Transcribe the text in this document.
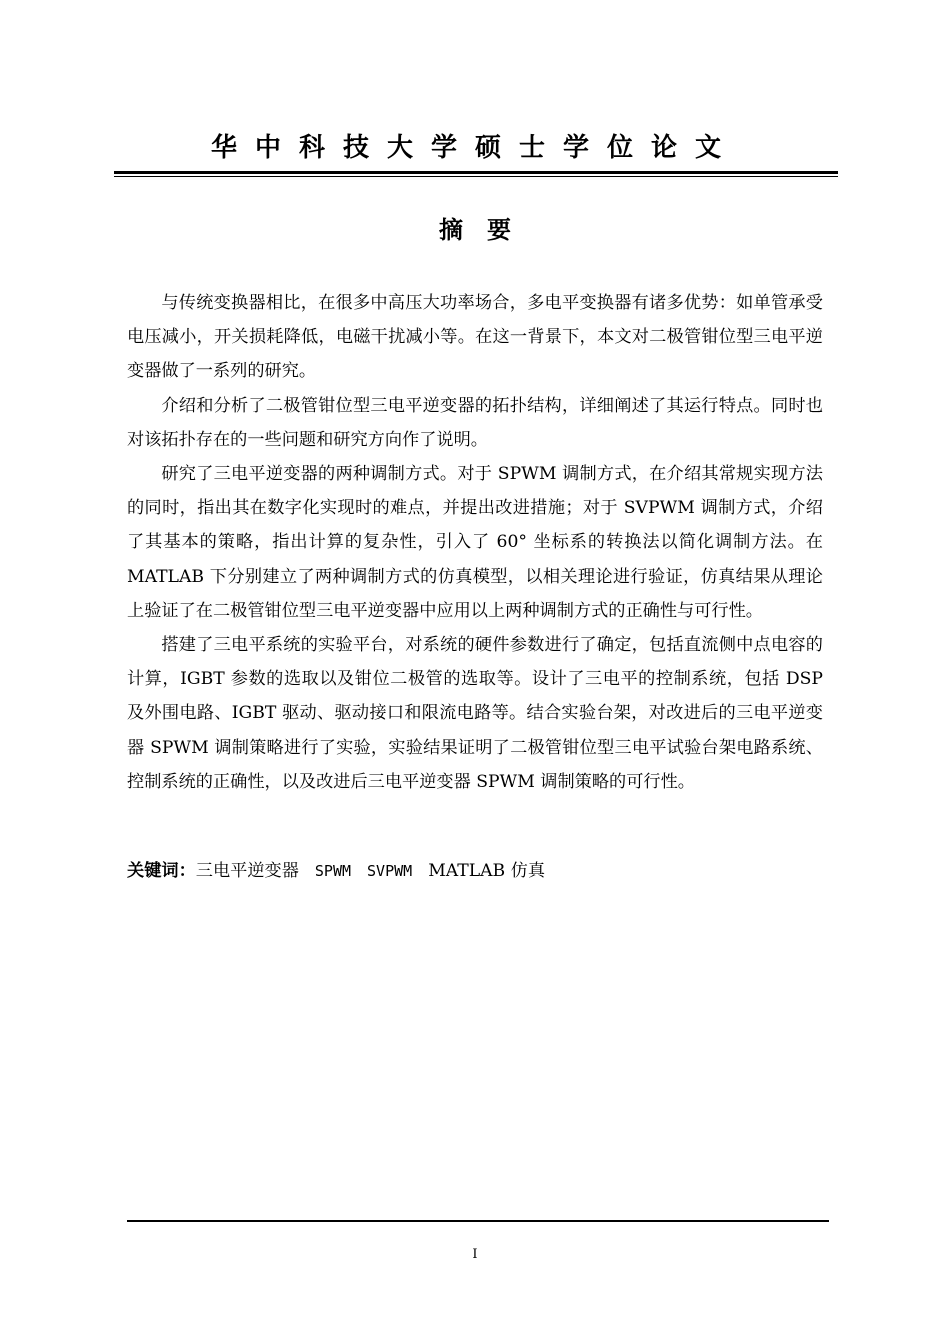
华中科技大学硕士学位论文
摘要

与传统变换器相比，在很多中高压大功率场合，多电平变换器有诸多优势：如单管承受电压减小，开关损耗降低，电磁干扰减小等。在这一背景下，本文对二极管钳位型三电平逆变器做了一系列的研究。

介绍和分析了二极管钳位型三电平逆变器的拓扑结构，详细阐述了其运行特点。同时也对该拓扑存在的一些问题和研究方向作了说明。

研究了三电平逆变器的两种调制方式。对于 SPWM 调制方式，在介绍其常规实现方法的同时，指出其在数字化实现时的难点，并提出改进措施；对于 SVPWM 调制方式，介绍了其基本的策略，指出计算的复杂性，引入了 60° 坐标系的转换法以简化调制方法。在 MATLAB 下分别建立了两种调制方式的仿真模型，以相关理论进行验证，仿真结果从理论上验证了在二极管钳位型三电平逆变器中应用以上两种调制方式的正确性与可行性。

搭建了三电平系统的实验平台，对系统的硬件参数进行了确定，包括直流侧中点电容的计算，IGBT 参数的选取以及钳位二极管的选取等。设计了三电平的控制系统，包括 DSP 及外围电路、IGBT 驱动、驱动接口和限流电路等。结合实验台架，对改进后的三电平逆变器 SPWM 调制策略进行了实验，实验结果证明了二极管钳位型三电平试验台架电路系统、控制系统的正确性，以及改进后三电平逆变器 SPWM 调制策略的可行性。

关键词：三电平逆变器 SPWM SVPWM MATLAB 仿真
I
